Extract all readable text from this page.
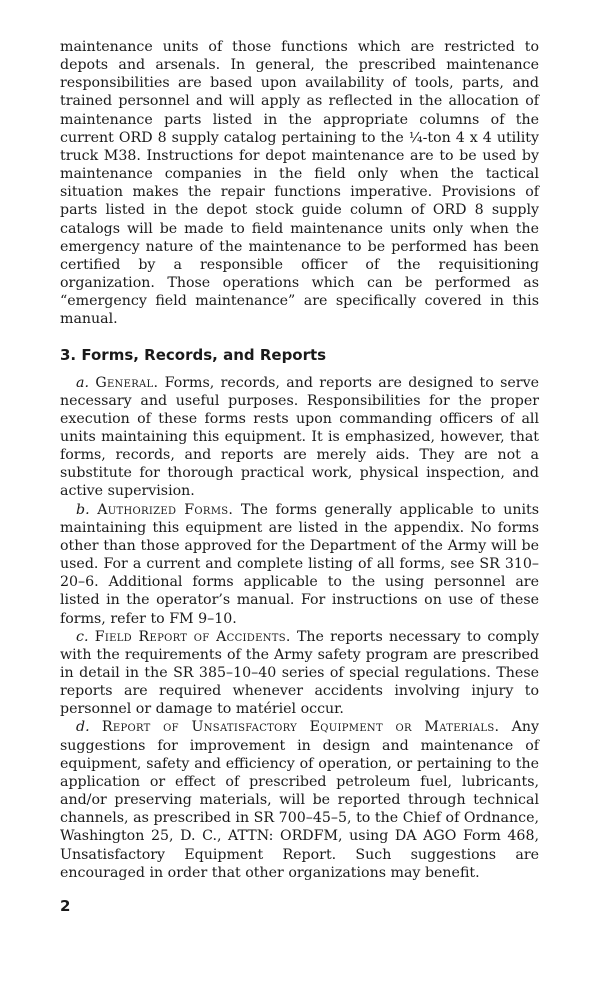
maintenance units of those functions which are restricted to depots and arsenals. In general, the prescribed maintenance responsibilities are based upon availability of tools, parts, and trained personnel and will apply as reflected in the allocation of maintenance parts listed in the appropriate columns of the current ORD 8 supply catalog pertaining to the ¼-ton 4 x 4 utility truck M38. Instructions for depot maintenance are to be used by maintenance companies in the field only when the tactical situation makes the repair functions imperative. Provisions of parts listed in the depot stock guide column of ORD 8 supply catalogs will be made to field maintenance units only when the emergency nature of the maintenance to be performed has been certified by a responsible officer of the requisitioning organization. Those operations which can be performed as “emergency field maintenance” are specifically covered in this manual.

3. Forms, Records, and Reports

a. General. Forms, records, and reports are designed to serve necessary and useful purposes. Responsibilities for the proper execution of these forms rests upon commanding officers of all units maintaining this equipment. It is emphasized, however, that forms, records, and reports are merely aids. They are not a substitute for thorough practical work, physical inspection, and active supervision.

b. Authorized Forms. The forms generally applicable to units maintaining this equipment are listed in the appendix. No forms other than those approved for the Department of the Army will be used. For a current and complete listing of all forms, see SR 310–20–6. Additional forms applicable to the using personnel are listed in the operator’s manual. For instructions on use of these forms, refer to FM 9–10.

c. Field Report of Accidents. The reports necessary to comply with the requirements of the Army safety program are prescribed in detail in the SR 385–10–40 series of special regulations. These reports are required whenever accidents involving injury to personnel or damage to matériel occur.

d. Report of Unsatisfactory Equipment or Materials. Any suggestions for improvement in design and maintenance of equipment, safety and efficiency of operation, or pertaining to the application or effect of prescribed petroleum fuel, lubricants, and/or preserving materials, will be reported through technical channels, as prescribed in SR 700–45–5, to the Chief of Ordnance, Washington 25, D. C., ATTN: ORDFM, using DA AGO Form 468, Unsatisfactory Equipment Report. Such suggestions are encouraged in order that other organizations may benefit.

2
